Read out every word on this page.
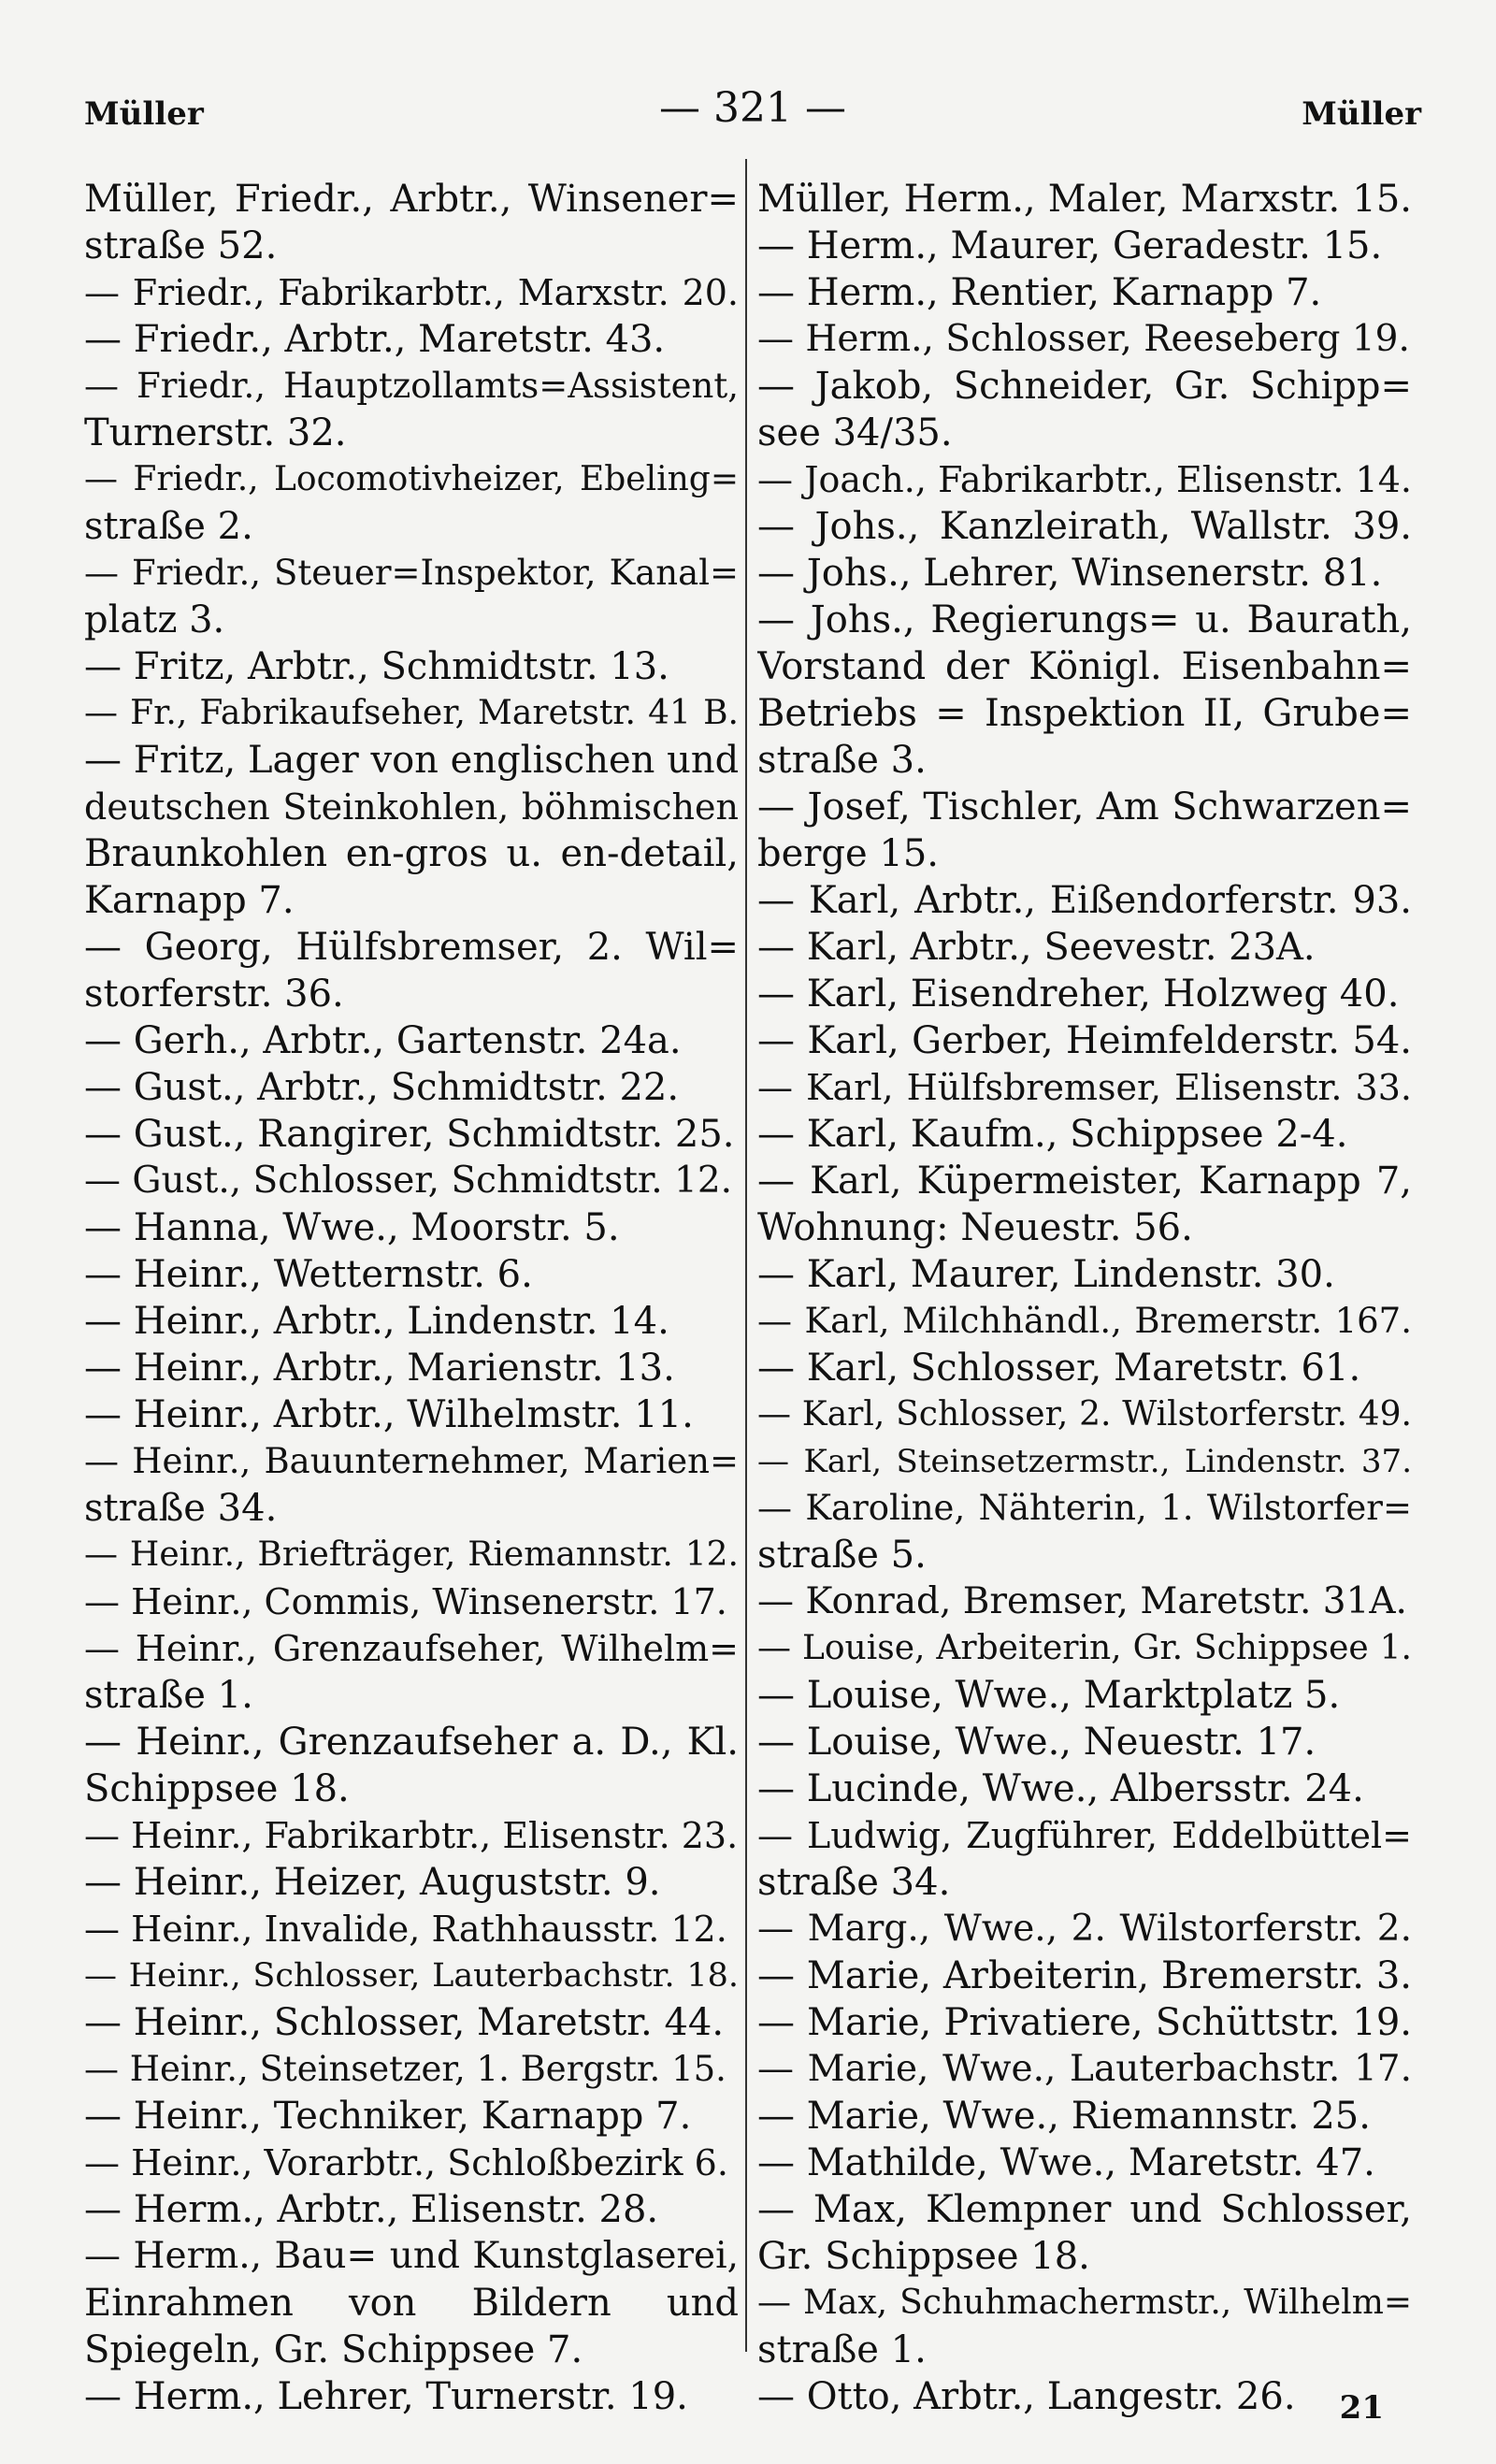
Müller	— 321 —	Müller
Müller, Friedr., Arbtr., Winsener=
straße 52.
— Friedr., Fabrikarbtr., Marxstr. 20.
— Friedr., Arbtr., Maretstr. 43.
— Friedr., Hauptzollamts=Assistent,
Turnerstr. 32.
— Friedr., Locomotivheizer, Ebeling=
straße 2.
— Friedr., Steuer=Inspektor, Kanal=
platz 3.
— Fritz, Arbtr., Schmidtstr. 13.
— Fr., Fabrikaufseher, Maretstr. 41 B.
— Fritz, Lager von englischen und
deutschen Steinkohlen, böhmischen
Braunkohlen en-gros u. en-detail,
Karnapp 7.
— Georg, Hülfsbremser, 2. Wil=
storferstr. 36.
— Gerh., Arbtr., Gartenstr. 24a.
— Gust., Arbtr., Schmidtstr. 22.
— Gust., Rangirer, Schmidtstr. 25.
— Gust., Schlosser, Schmidtstr. 12.
— Hanna, Wwe., Moorstr. 5.
— Heinr., Wetternstr. 6.
— Heinr., Arbtr., Lindenstr. 14.
— Heinr., Arbtr., Marienstr. 13.
— Heinr., Arbtr., Wilhelmstr. 11.
— Heinr., Bauunternehmer, Marien=
straße 34.
— Heinr., Briefträger, Riemannstr. 12.
— Heinr., Commis, Winsenerstr. 17.
— Heinr., Grenzaufseher, Wilhelm=
straße 1.
— Heinr., Grenzaufseher a. D., Kl.
Schippsee 18.
— Heinr., Fabrikarbtr., Elisenstr. 23.
— Heinr., Heizer, Auguststr. 9.
— Heinr., Invalide, Rathhausstr. 12.
— Heinr., Schlosser, Lauterbachstr. 18.
— Heinr., Schlosser, Maretstr. 44.
— Heinr., Steinsetzer, 1. Bergstr. 15.
— Heinr., Techniker, Karnapp 7.
— Heinr., Vorarbtr., Schloßbezirk 6.
— Herm., Arbtr., Elisenstr. 28.
— Herm., Bau= und Kunstglaserei,
Einrahmen von Bildern und
Spiegeln, Gr. Schippsee 7.
— Herm., Lehrer, Turnerstr. 19.
Müller, Herm., Maler, Marxstr. 15.
— Herm., Maurer, Geradestr. 15.
— Herm., Rentier, Karnapp 7.
— Herm., Schlosser, Reeseberg 19.
— Jakob, Schneider, Gr. Schipp=
see 34/35.
— Joach., Fabrikarbtr., Elisenstr. 14.
— Johs., Kanzleirath, Wallstr. 39.
— Johs., Lehrer, Winsenerstr. 81.
— Johs., Regierungs= u. Baurath,
Vorstand der Königl. Eisenbahn=
Betriebs = Inspektion II, Grube=
straße 3.
— Josef, Tischler, Am Schwarzen=
berge 15.
— Karl, Arbtr., Eißendorferstr. 93.
— Karl, Arbtr., Seevestr. 23A.
— Karl, Eisendreher, Holzweg 40.
— Karl, Gerber, Heimfelderstr. 54.
— Karl, Hülfsbremser, Elisenstr. 33.
— Karl, Kaufm., Schippsee 2-4.
— Karl, Küpermeister, Karnapp 7,
Wohnung: Neuestr. 56.
— Karl, Maurer, Lindenstr. 30.
— Karl, Milchhändl., Bremerstr. 167.
— Karl, Schlosser, Maretstr. 61.
— Karl, Schlosser, 2. Wilstorferstr. 49.
— Karl, Steinsetzermstr., Lindenstr. 37.
— Karoline, Nähterin, 1. Wilstorfer=
straße 5.
— Konrad, Bremser, Maretstr. 31A.
— Louise, Arbeiterin, Gr. Schippsee 1.
— Louise, Wwe., Marktplatz 5.
— Louise, Wwe., Neuestr. 17.
— Lucinde, Wwe., Albersstr. 24.
— Ludwig, Zugführer, Eddelbüttel=
straße 34.
— Marg., Wwe., 2. Wilstorferstr. 2.
— Marie, Arbeiterin, Bremerstr. 3.
— Marie, Privatiere, Schüttstr. 19.
— Marie, Wwe., Lauterbachstr. 17.
— Marie, Wwe., Riemannstr. 25.
— Mathilde, Wwe., Maretstr. 47.
— Max, Klempner und Schlosser,
Gr. Schippsee 18.
— Max, Schuhmachermstr., Wilhelm=
straße 1.
— Otto, Arbtr., Langestr. 26.	21
